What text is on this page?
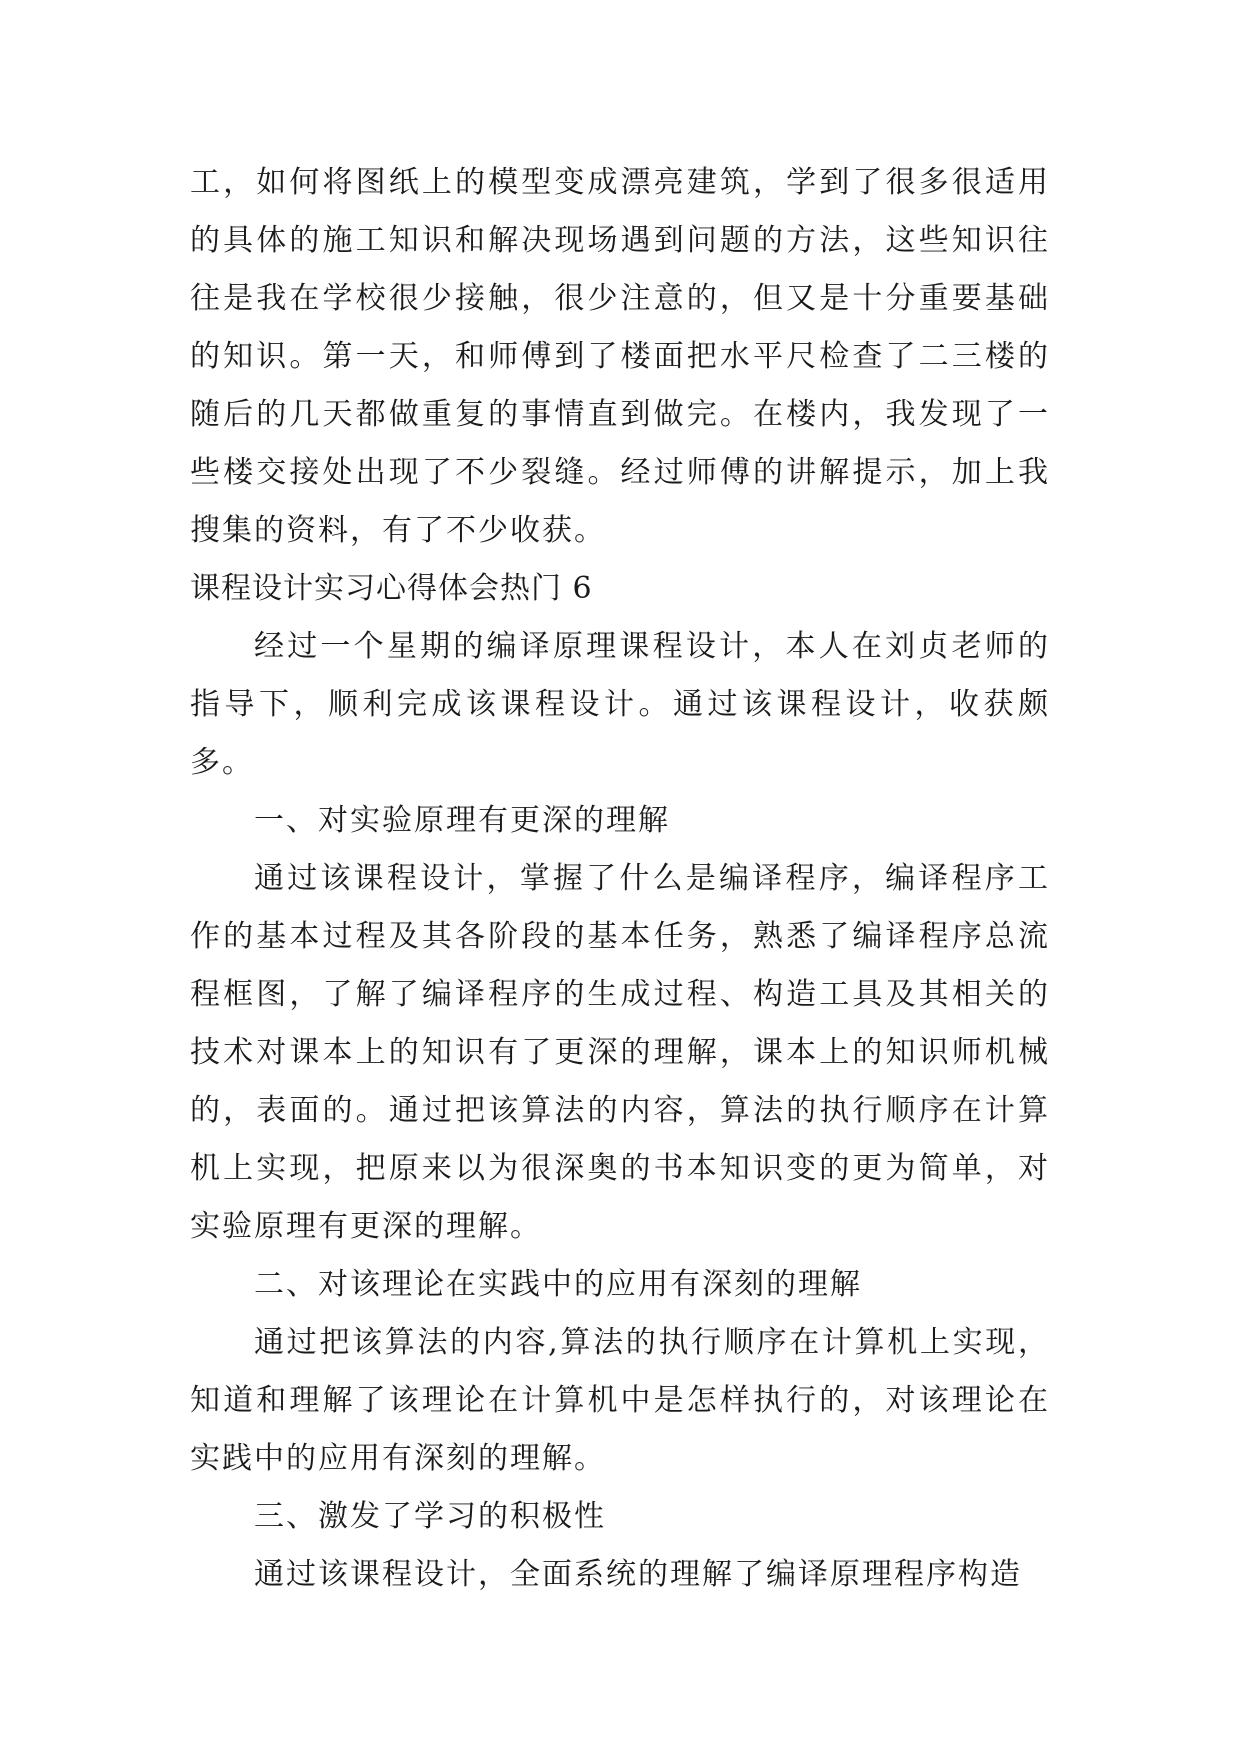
工，如何将图纸上的模型变成漂亮建筑，学到了很多很适用的具体的施工知识和解决现场遇到问题的方法，这些知识往往是我在学校很少接触，很少注意的，但又是十分重要基础的知识。第一天，和师傅到了楼面把水平尺检查了二三楼的随后的几天都做重复的事情直到做完。在楼内，我发现了一些楼交接处出现了不少裂缝。经过师傅的讲解提示，加上我搜集的资料，有了不少收获。

课程设计实习心得体会热门 6

经过一个星期的编译原理课程设计，本人在刘贞老师的指导下，顺利完成该课程设计。通过该课程设计，收获颇多。

一、对实验原理有更深的理解

通过该课程设计，掌握了什么是编译程序，编译程序工作的基本过程及其各阶段的基本任务，熟悉了编译程序总流程框图，了解了编译程序的生成过程、构造工具及其相关的技术对课本上的知识有了更深的理解，课本上的知识师机械的，表面的。通过把该算法的内容，算法的执行顺序在计算机上实现，把原来以为很深奥的书本知识变的更为简单，对实验原理有更深的理解。

二、对该理论在实践中的应用有深刻的理解

通过把该算法的内容,算法的执行顺序在计算机上实现，知道和理解了该理论在计算机中是怎样执行的，对该理论在实践中的应用有深刻的理解。

三、激发了学习的积极性

通过该课程设计，全面系统的理解了编译原理程序构造
